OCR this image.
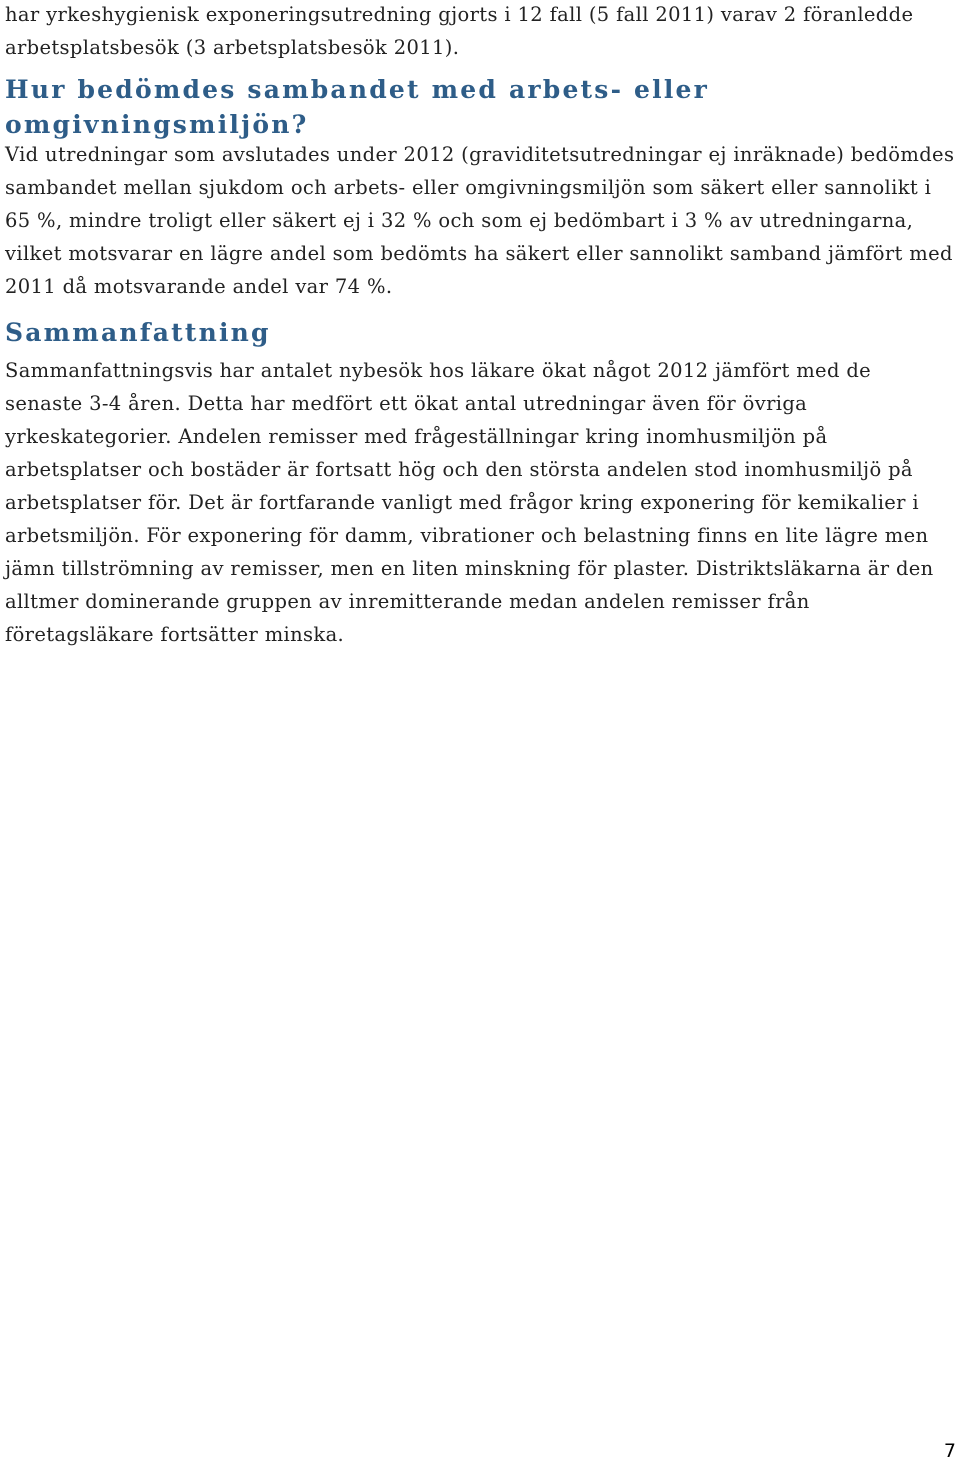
har yrkeshygienisk exponeringsutredning gjorts i 12 fall (5 fall 2011) varav 2 föranledde arbetsplatsbesök (3 arbetsplatsbesök 2011).

Hur bedömdes sambandet med arbets- eller omgivningsmiljön?

Vid utredningar som avslutades under 2012 (graviditetsutredningar ej inräknade) bedömdes sambandet mellan sjukdom och arbets- eller omgivningsmiljön som säkert eller sannolikt i 65 %, mindre troligt eller säkert ej i 32 % och som ej bedömbart i 3 % av utredningarna, vilket motsvarar en lägre andel som bedömts ha säkert eller sannolikt samband jämfört med 2011 då motsvarande andel var 74 %.

Sammanfattning

Sammanfattningsvis har antalet nybesök hos läkare ökat något 2012 jämfört med de senaste 3-4 åren. Detta har medfört ett ökat antal utredningar även för övriga yrkeskategorier. Andelen remisser med frågeställningar kring inomhusmiljön på arbetsplatser och bostäder är fortsatt hög och den största andelen stod inomhusmiljö på arbetsplatser för. Det är fortfarande vanligt med frågor kring exponering för kemikalier i arbetsmiljön. För exponering för damm, vibrationer och belastning finns en lite lägre men jämn tillströmning av remisser, men en liten minskning för plaster. Distriktsläkarna är den alltmer dominerande gruppen av inremitterande medan andelen remisser från företagsläkare fortsätter minska.

7
